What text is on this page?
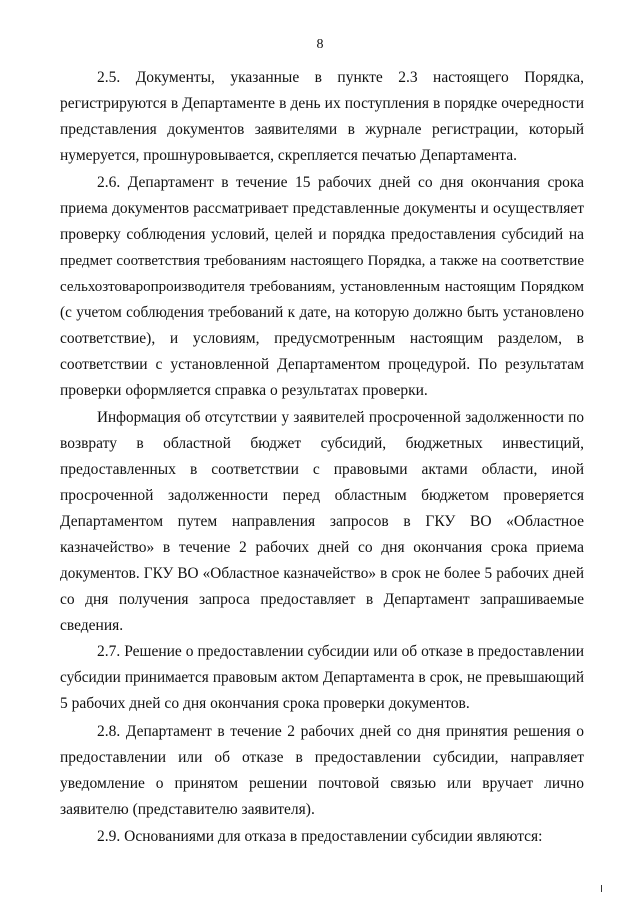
8
2.5. Документы, указанные в пункте 2.3 настоящего Порядка,
регистрируются в Департаменте в день их поступления в порядке очередности
представления документов заявителями в журнале регистрации, который
нумеруется, прошнуровывается, скрепляется печатью Департамента.
2.6. Департамент в течение 15 рабочих дней со дня окончания срока
приема документов рассматривает представленные документы и осуществляет
проверку соблюдения условий, целей и порядка предоставления субсидий на
предмет соответствия требованиям настоящего Порядка, а также на соответствие
сельхозтоваропроизводителя требованиям, установленным настоящим Порядком
(с учетом соблюдения требований к дате, на которую должно быть установлено
соответствие), и условиям, предусмотренным настоящим разделом, в
соответствии с установленной Департаментом процедурой. По результатам
проверки оформляется справка о результатах проверки.
Информация об отсутствии у заявителей просроченной задолженности по
возврату в областной бюджет субсидий, бюджетных инвестиций,
предоставленных в соответствии с правовыми актами области, иной
просроченной задолженности перед областным бюджетом проверяется
Департаментом путем направления запросов в ГКУ ВО «Областное
казначейство» в течение 2 рабочих дней со дня окончания срока приема
документов. ГКУ ВО «Областное казначейство» в срок не более 5 рабочих дней
со дня получения запроса предоставляет в Департамент запрашиваемые
сведения.
2.7. Решение о предоставлении субсидии или об отказе в предоставлении
субсидии принимается правовым актом Департамента в срок, не превышающий
5 рабочих дней со дня окончания срока проверки документов.
2.8. Департамент в течение 2 рабочих дней со дня принятия решения о
предоставлении или об отказе в предоставлении субсидии, направляет
уведомление о принятом решении почтовой связью или вручает лично
заявителю (представителю заявителя).
2.9. Основаниями для отказа в предоставлении субсидии являются:
